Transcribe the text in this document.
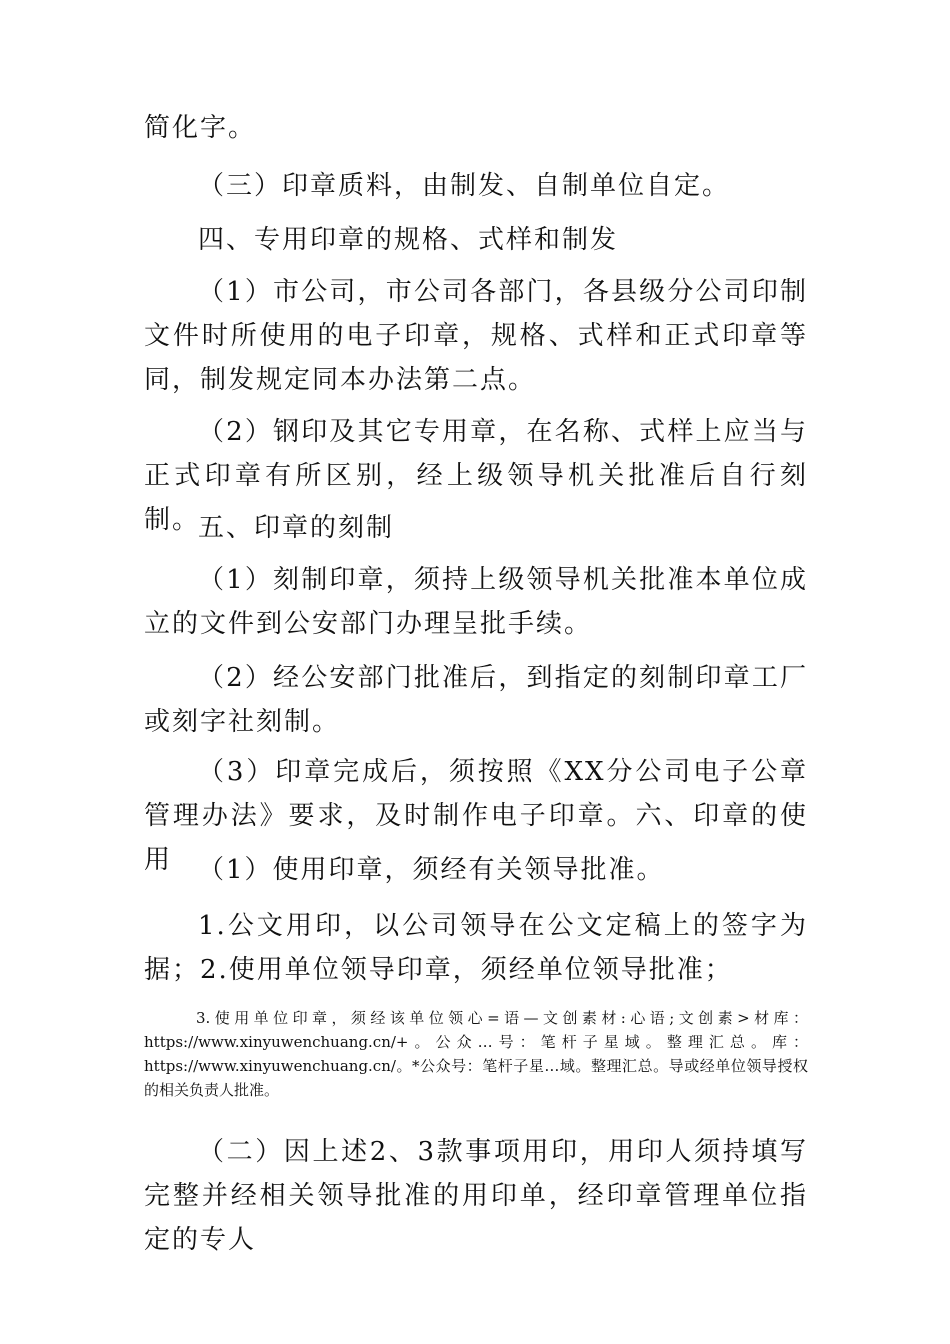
简化字。

（三）印章质料，由制发、自制单位自定。

四、专用印章的规格、式样和制发

（1）市公司，市公司各部门，各县级分公司印制文件时所使用的电子印章，规格、式样和正式印章等同，制发规定同本办法第二点。

（2）钢印及其它专用章，在名称、式样上应当与正式印章有所区别，经上级领导机关批准后自行刻制。

五、印章的刻制

（1）刻制印章，须持上级领导机关批准本单位成立的文件到公安部门办理呈批手续。

（2）经公安部门批准后，到指定的刻制印章工厂或刻字社刻制。

（3）印章完成后，须按照《XX分公司电子公章管理办法》要求，及时制作电子印章。六、印章的使用 （1）使用印章，须经有关领导批准。

1.公文用印，以公司领导在公文定稿上的签字为据；2.使用单位领导印章，须经单位领导批准；

3.使用单位印章，须经该单位领心=语—文创素材:心语;文创素>材库：https://www.xinyuwenchuang.cn/+。公众…号：笔杆子星域。整理汇总。库：https://www.xinyuwenchuang.cn/。*公众号：笔杆子星…域。整理汇总。导或经单位领导授权的相关负责人批准。

（二）因上述2、3款事项用印，用印人须持填写完整并经相关领导批准的用印单，经印章管理单位指定的专人
